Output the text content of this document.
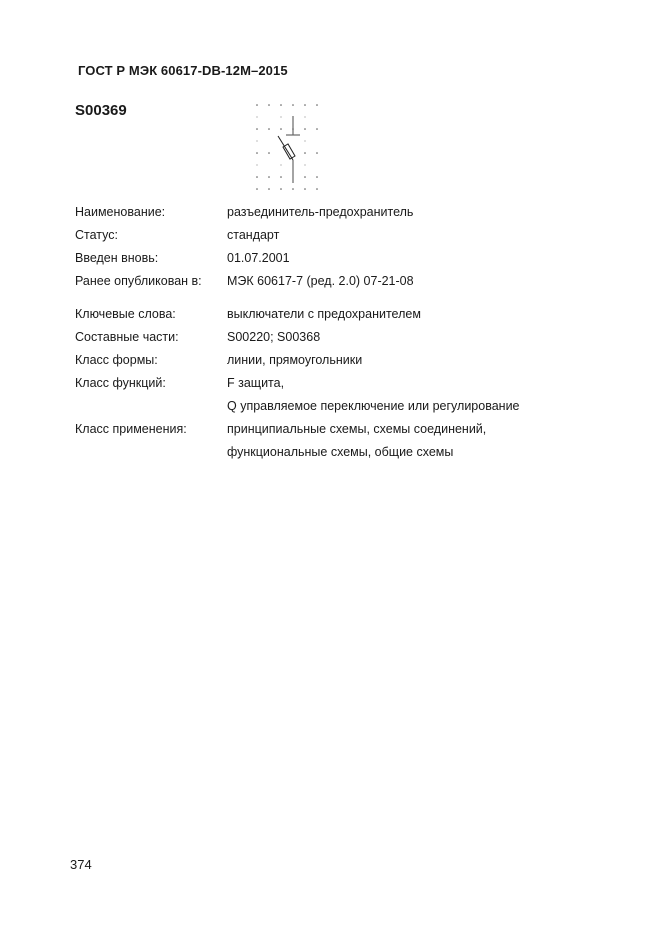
ГОСТ Р МЭК 60617-DB-12M–2015
S00369
Наименование:	разъединитель-предохранитель
Статус:	стандарт
Введен вновь:	01.07.2001
Ранее опубликован в:	МЭК 60617-7 (ред. 2.0) 07-21-08
Ключевые слова:	выключатели с предохранителем
Составные части:	S00220; S00368
Класс формы:	линии, прямоугольники
Класс функций:	F защита,
Q управляемое переключение или регулирование
Класс применения:	принципиальные схемы, схемы соединений,
функциональные схемы, общие схемы
374
